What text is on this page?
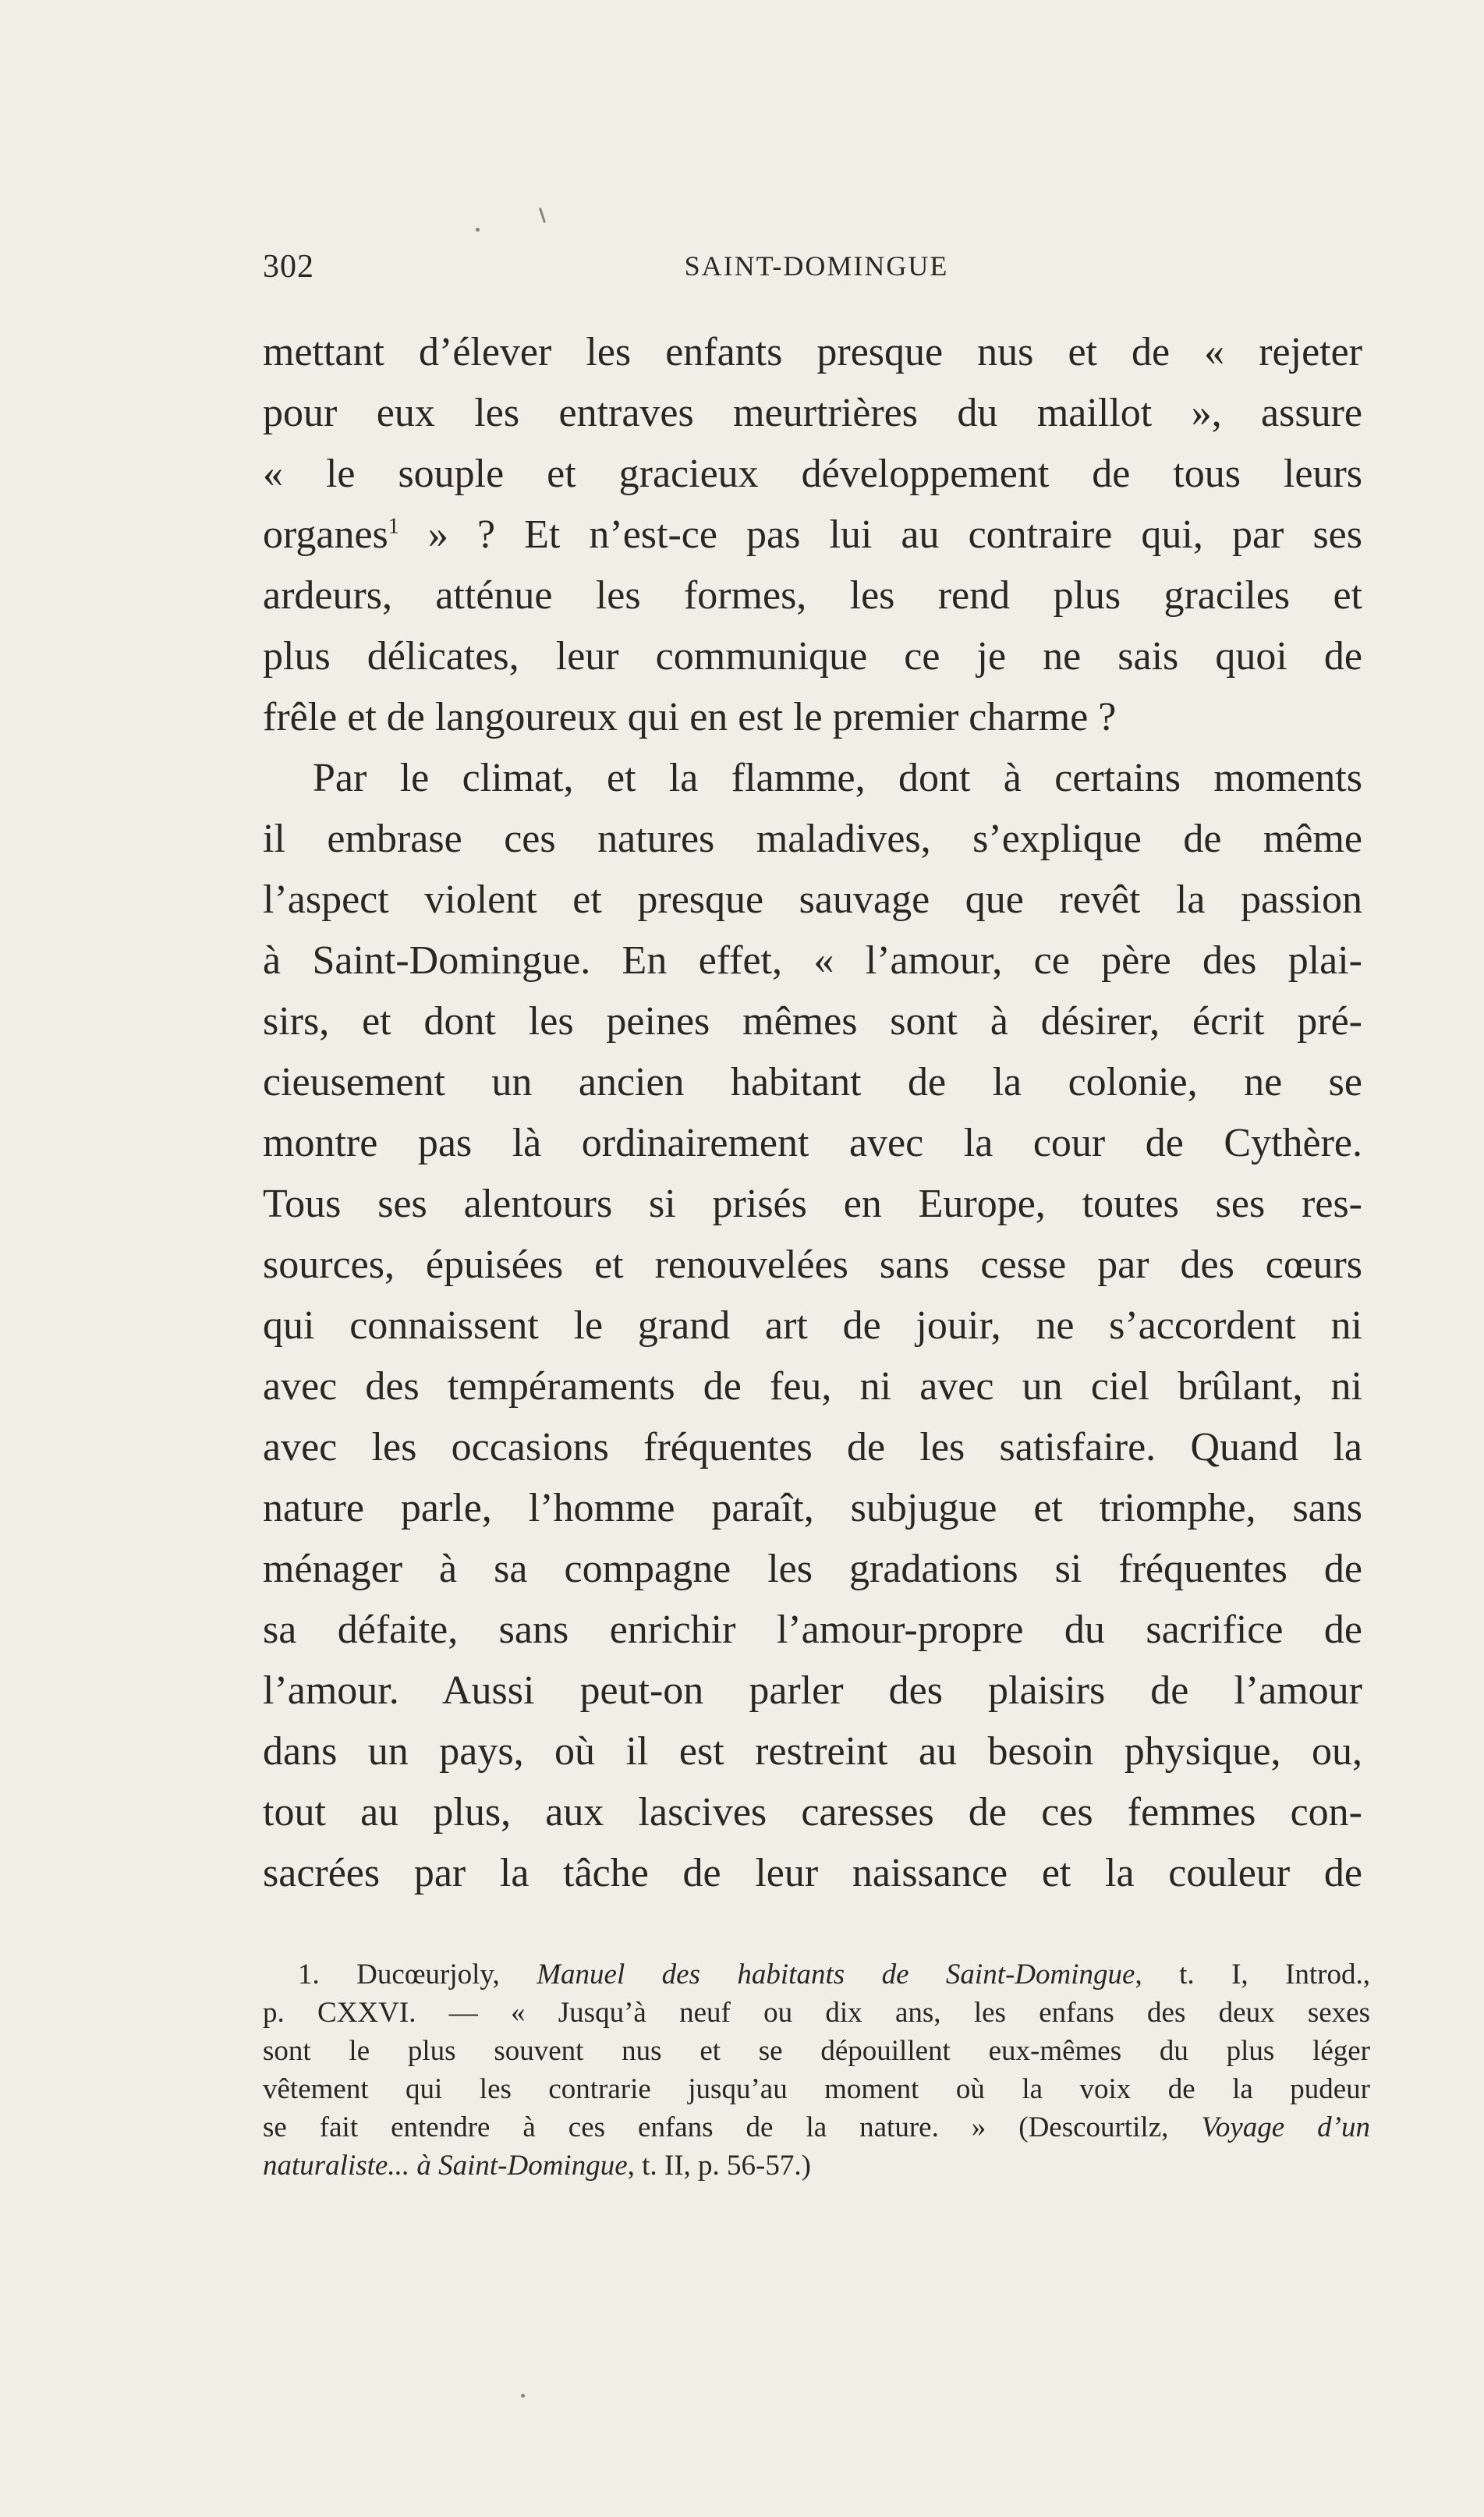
302	SAINT-DOMINGUE
mettant d’élever les enfants presque nus et de « rejeter
pour eux les entraves meurtrières du maillot », assure
« le souple et gracieux développement de tous leurs
organes$^1$ » ? Et n’est-ce pas lui au contraire qui, par ses
ardeurs, atténue les formes, les rend plus graciles et
plus délicates, leur communique ce je ne sais quoi de
frêle et de langoureux qui en est le premier charme ?
Par le climat, et la flamme, dont à certains moments
il embrase ces natures maladives, s’explique de même
l’aspect violent et presque sauvage que revêt la passion
à Saint-Domingue. En effet, « l’amour, ce père des plai-
sirs, et dont les peines mêmes sont à désirer, écrit pré-
cieusement un ancien habitant de la colonie, ne se
montre pas là ordinairement avec la cour de Cythère.
Tous ses alentours si prisés en Europe, toutes ses res-
sources, épuisées et renouvelées sans cesse par des cœurs
qui connaissent le grand art de jouir, ne s’accordent ni
avec des tempéraments de feu, ni avec un ciel brûlant, ni
avec les occasions fréquentes de les satisfaire. Quand la
nature parle, l’homme paraît, subjugue et triomphe, sans
ménager à sa compagne les gradations si fréquentes de
sa défaite, sans enrichir l’amour-propre du sacrifice de
l’amour. Aussi peut-on parler des plaisirs de l’amour
dans un pays, où il est restreint au besoin physique, ou,
tout au plus, aux lascives caresses de ces femmes con-
sacrées par la tâche de leur naissance et la couleur de
1. Ducœurjoly, Manuel des habitants de Saint-Domingue, t. I, Introd.,
p. CXXVI. — « Jusqu’à neuf ou dix ans, les enfans des deux sexes
sont le plus souvent nus et se dépouillent eux-mêmes du plus léger
vêtement qui les contrarie jusqu’au moment où la voix de la pudeur
se fait entendre à ces enfans de la nature. » (Descourtilz, Voyage d’un
naturaliste... à Saint-Domingue, t. II, p. 56-57.)
